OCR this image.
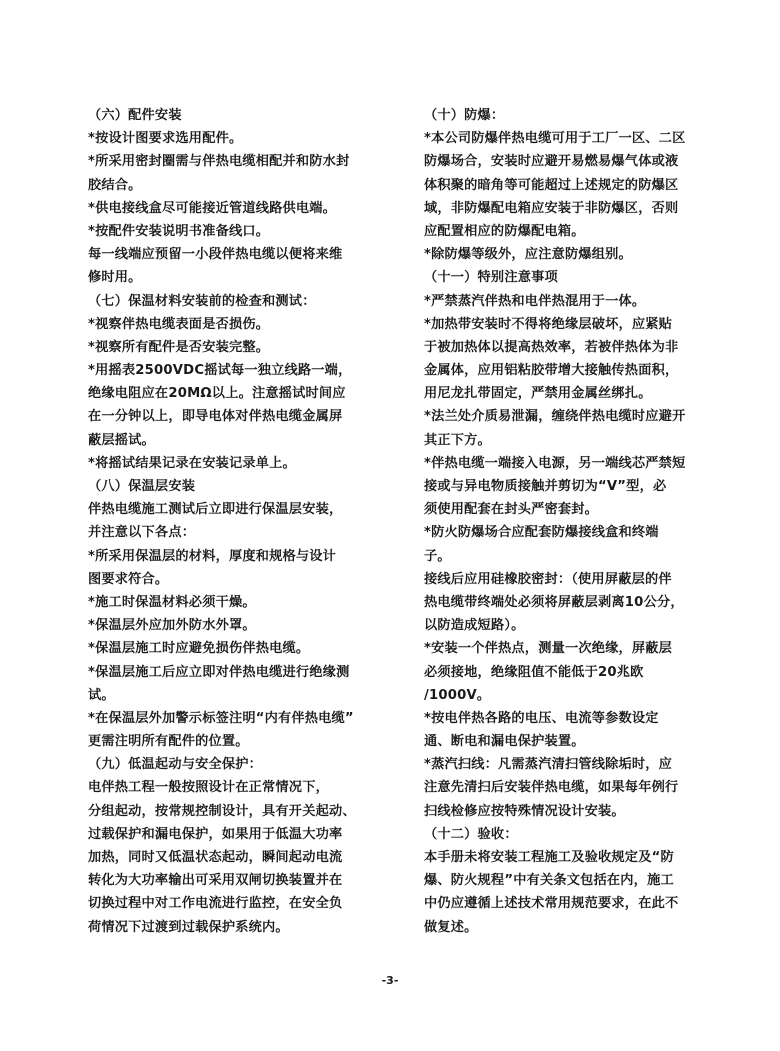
（六）配件安装
*按设计图要求选用配件。
*所采用密封圈需与伴热电缆相配并和防水封
胶结合。
*供电接线盒尽可能接近管道线路供电端。
*按配件安装说明书准备线口。
每一线端应预留一小段伴热电缆以便将来维
修时用。
（七）保温材料安装前的检查和测试：
*视察伴热电缆表面是否损伤。
*视察所有配件是否安装完整。
*用摇表2500VDC摇试每一独立线路一端，
绝缘电阻应在20MΩ以上。注意摇试时间应
在一分钟以上，即导电体对伴热电缆金属屏
蔽层摇试。
*将摇试结果记录在安装记录单上。
（八）保温层安装
伴热电缆施工测试后立即进行保温层安装，
并注意以下各点：
*所采用保温层的材料，厚度和规格与设计
图要求符合。
*施工时保温材料必须干燥。
*保温层外应加外防水外罩。
*保温层施工时应避免损伤伴热电缆。
*保温层施工后应立即对伴热电缆进行绝缘测
试。
*在保温层外加警示标签注明“内有伴热电缆”
更需注明所有配件的位置。
（九）低温起动与安全保护：
电伴热工程一般按照设计在正常情况下，
分组起动，按常规控制设计，具有开关起动、
过载保护和漏电保护，如果用于低温大功率
加热，同时又低温状态起动，瞬间起动电流
转化为大功率输出可采用双闸切换装置并在
切换过程中对工作电流进行监控，在安全负
荷情况下过渡到过载保护系统内。
（十）防爆：
*本公司防爆伴热电缆可用于工厂一区、二区
防爆场合，安装时应避开易燃易爆气体或液
体积聚的暗角等可能超过上述规定的防爆区
域，非防爆配电箱应安装于非防爆区，否则
应配置相应的防爆配电箱。
*除防爆等级外，应注意防爆组别。
（十一）特别注意事项
*严禁蒸汽伴热和电伴热混用于一体。
*加热带安装时不得将绝缘层破坏，应紧贴
于被加热体以提高热效率，若被伴热体为非
金属体，应用铝粘胶带增大接触传热面积，
用尼龙扎带固定，严禁用金属丝绑扎。
*法兰处介质易泄漏，缠绕伴热电缆时应避开
其正下方。
*伴热电缆一端接入电源，另一端线芯严禁短
接或与异电物质接触并剪切为“V”型，必
须使用配套在封头严密套封。
*防火防爆场合应配套防爆接线盒和终端
子。
接线后应用硅橡胶密封：（使用屏蔽层的伴
热电缆带终端处必须将屏蔽层剥离10公分，
以防造成短路）。
*安装一个伴热点，测量一次绝缘，屏蔽层
必须接地，绝缘阻值不能低于20兆欧
/1000V。
*按电伴热各路的电压、电流等参数设定
通、断电和漏电保护装置。
*蒸汽扫线：凡需蒸汽清扫管线除垢时，应
注意先清扫后安装伴热电缆，如果每年例行
扫线检修应按特殊情况设计安装。
（十二）验收：
本手册未将安装工程施工及验收规定及“防
爆、防火规程”中有关条文包括在内，施工
中仍应遵循上述技术常用规范要求，在此不
做复述。
-3-
